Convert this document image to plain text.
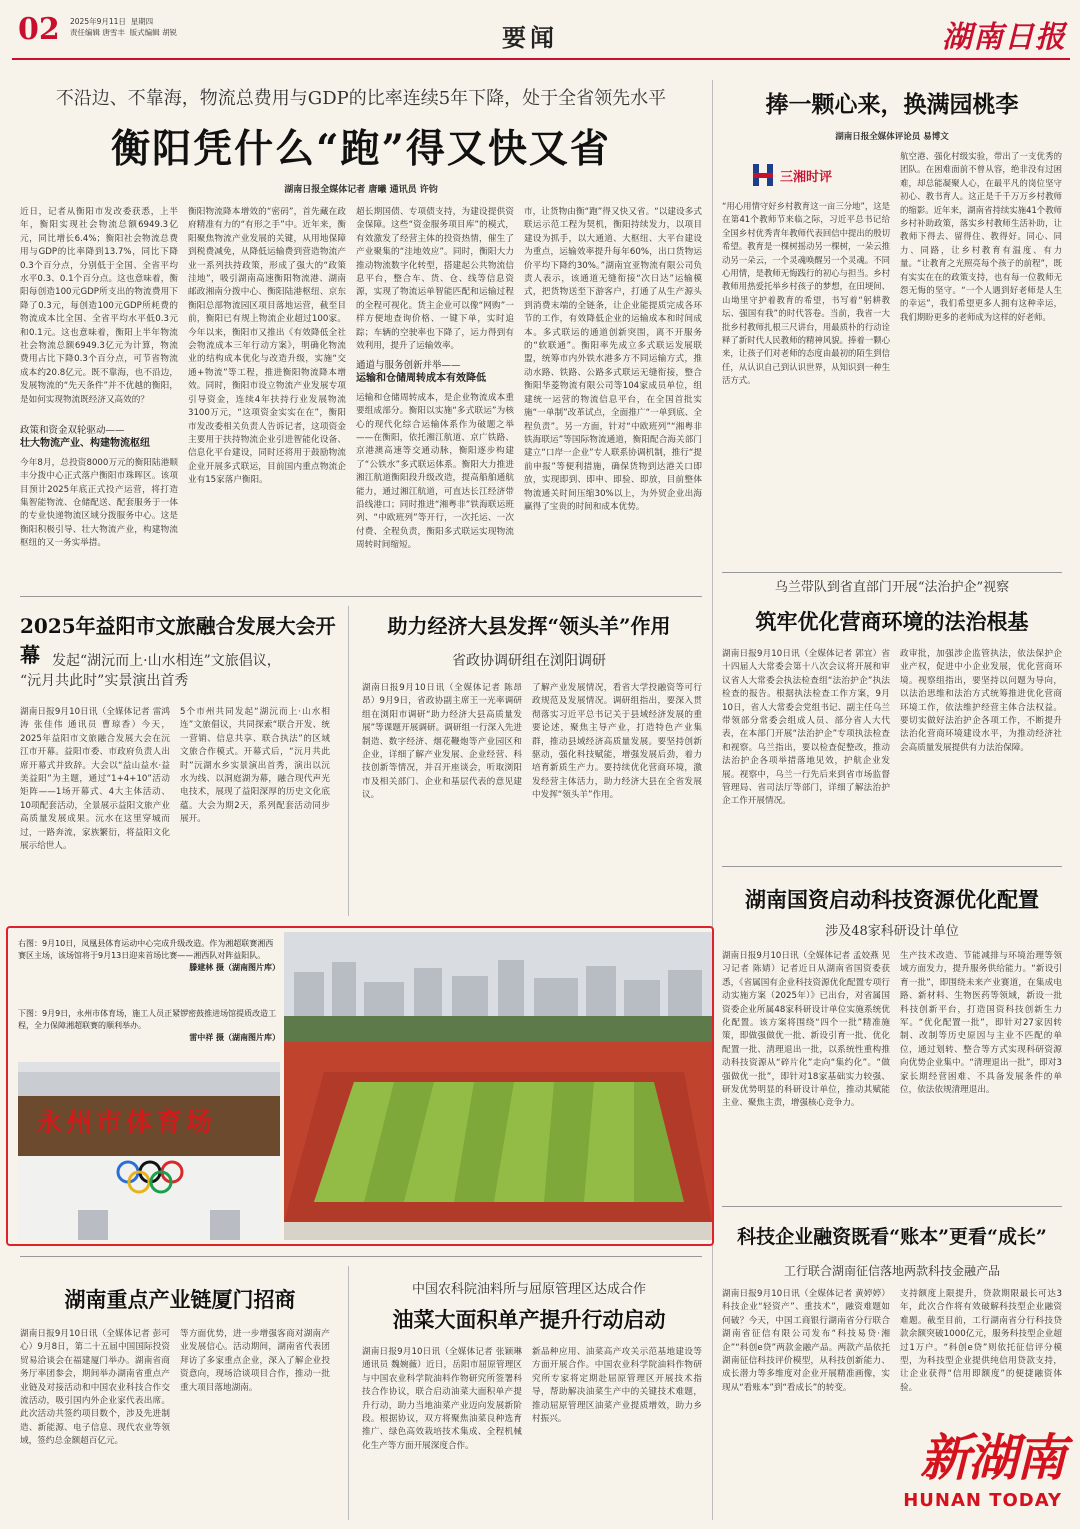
02 2025年9月11日 星期四
责任编辑 唐雪丰 版式编辑 胡锐	要闻	湖南日报
不沿边、不靠海，物流总费用与GDP的比率连续5年下降，处于全省领先水平
衡阳凭什么“跑”得又快又省
湖南日报全媒体记者 唐曦 通讯员 许钧

近日，记者从衡阳市发改委获悉，上半年，衡阳实现社会物流总额6949.3亿元，同比增长6.4%；衡阳社会物流总费用与GDP的比率降到13.7%，同比下降0.3个百分点，分别低于全国、全省平均水平0.3、0.1个百分点。这也意味着，衡阳每创造100元GDP所支出的物流费用下降了0.3元，每创造100元GDP所耗费的物流成本比全国、全省平均水平低0.3元和0.1元。这也意味着，衡阳上半年物流社会物流总额6949.3亿元为计算，物流费用占比下降0.3个百分点，可节省物流成本约20.8亿元。既不靠海，也不沿边，发展物流的“先天条件”并不优越的衡阳，是如何实现物流既经济又高效的？

政策和资金双轮驱动——

壮大物流产业、构建物流枢纽

今年8月，总投资8000万元的衡阳陆港顺丰分拨中心正式落户衡阳市珠晖区。该项目预计2025年底正式投产运营，将打造集智能物流、仓储配送、配套服务于一体的专业快递物流区域分拨服务中心。这是衡阳积极引导、壮大物流产业，构建物流枢纽的又一务实举措。

衡阳物流降本增效的“密码”，首先藏在政府精准有力的“有形之手”中。近年来，衡阳聚焦物流产业发展的关键，从用地保障到税费减免，从降低运输费到营造物流产业一系列扶持政策，形成了强大的“政策洼地”，吸引湖南高速衡阳物流港、湖南邮政湘南分拨中心、衡阳陆港枢纽、京东衡阳总部物流园区项目落地运营，截至目前，衡阳已有规上物流企业超过100家。今年以来，衡阳市又推出《有效降低全社会物流成本三年行动方案》，明确化物流业的结构成本优化与改造升级，实施“交通+物流”等工程，推进衡阳物流降本增效。同时，衡阳市设立物流产业发展专项引导资金，连续4年扶持行业发展物流3100万元，“这项资金实实在在”，衡阳市发改委相关负责人告诉记者，这项资金主要用于扶持物流企业引进智能化设备、信息化平台建设，同时还将用于鼓励物流企业开展多式联运，目前国内重点物流企业有15家落户衡阳。

超长期国债、专项债支持，为建设提供资金保障。这些“资金服务项目库”的模式，有效激发了经营主体的投资热情，催生了产业聚集的“洼地效应”。同时，衡阳大力推动物流数字化转型，搭建起公共物流信息平台，整合车、货、仓、线等信息资源，实现了物流运单智能匹配和运输过程的全程可视化。货主企业可以像“网购”一样方便地查询价格、一键下单，实时追踪；车辆的空驶率也下降了，运力得到有效利用，提升了运输效率。

通道与服务创新并举——

运输和仓储周转成本有效降低

运输和仓储周转成本，是企业物流成本重要组成部分。衡阳以实施“多式联运”为核心的现代化综合运输体系作为破题之举——在衡阳，依托湘江航道、京广铁路、京港澳高速等交通动脉，衡阳逐步构建了“公铁水”多式联运体系。衡阳大力推进湘江航道衡阳段升级改造，提高船舶通航能力，通过湘江航道，可直达长江经济带沿线港口；同时推进“湘粤非”铁海联运班列、“中欧班列”等开行，一次托运、一次付费、全程负责，衡阳多式联运实现物流周转时间缩短。

市，让货物由衡“跑”得又快又省。“以建设多式联运示范工程为契机，衡阳持续发力，以项目建设为抓手，以大通道、大枢纽、大平台建设为重点，运输效率提升每年60%，出口货物运价平均下降约30%。”湖南宜亚物流有限公司负责人表示，该通道无缝衔接“次日达”运输模式，把货物送至下游客户，打通了从生产源头到消费末端的全链条，让企业能提质完成各环节的工作，有效降低企业的运输成本和时间成本。多式联运的通道创新突围，离不开服务的“软联通”。衡阳率先成立多式联运发展联盟，统筹市内外铁水港多方不同运输方式，推动水路、铁路、公路多式联运无缝衔接，整合衡阳华菱物流有限公司等104家成员单位，组建统一运营的物流信息平台，在全国首批实施“一单制”改革试点，全面推广“一单到底、全程负责”。另一方面，针对“中欧班列”“湘粤非铁海联运”等国际物流通道，衡阳配合海关部门建立“口岸一企业”专人联系协调机制，推行“提前申报”等便利措施，确保货物到达港关口即放，实现即到、即申、即验、即放，目前整体物流通关时间压缩30%以上，为外贸企业出海赢得了宝贵的时间和成本优势。
捧一颗心来，换满园桃李
湖南日报全媒体评论员 易博文
三湘时评
“用心用情守好乡村教育这一亩三分地”，这是在第41个教师节来临之际，习近平总书记给全国乡村优秀青年教师代表回信中提出的殷切希望。教育是一棵树摇动另一棵树，一朵云推动另一朵云，一个灵魂唤醒另一个灵魂。不同心用情，是教师无悔践行的初心与担当。乡村教师用热爱托举乡村孩子的梦想，在田埂间、山坳里守护着教育的希望，书写着“躬耕教坛、强国有我”的时代答卷。当前，我省一大批乡村教师扎根三尺讲台，用最质朴的行动诠释了新时代人民教师的精神风貌。捧着一颗心来，让孩子们对老师的态度由最初的陌生到信任，从认识自己到认识世界，从知识到一种生活方式。
航空港、强化村级实验，带出了一支优秀的团队。在困难面前不曾从容，绝非没有过困难，却总能凝聚人心，在最平凡的岗位坚守初心、教书育人。这正是千千万万乡村教师的缩影。近年来，湖南省持续实施41个教师乡村补助政策，落实乡村教师生活补助，让教师下得去、留得住、教得好。同心、同力、同路，让乡村教育有温度、有力量。“让教育之光照亮每个孩子的前程”，既有实实在在的政策支持，也有每一位教师无怨无悔的坚守。“一个人遇到好老师是人生的幸运”，我们希望更多人拥有这种幸运，我们期盼更多的老师成为这样的好老师。
乌兰带队到省直部门开展“法治护企”视察
筑牢优化营商环境的法治根基
湖南日报9月10日讯（全媒体记者 郭宜）省十四届人大常委会第十八次会议将开展和审议省人大常委会执法检查组“法治护企”执法检查的报告。根据执法检查工作方案，9月10日，省人大常委会党组书记、副主任乌兰带领部分常委会组成人员、部分省人大代表，在本部门开展“法治护企”专项执法检查和视察。乌兰指出，要以检查促整改，推动法治护企各项举措落地见效，护航企业发展。视察中，乌兰一行先后来到省市场监督管理局、省司法厅等部门，详细了解法治护企工作开展情况。
政审批，加强涉企监管执法，依法保护企业产权，促进中小企业发展，优化营商环境。视察组指出，要坚持以问题为导向，以法治思维和法治方式统筹推进优化营商环境工作，依法维护经营主体合法权益。要切实做好法治护企各项工作，不断提升法治化营商环境建设水平，为推动经济社会高质量发展提供有力法治保障。
2025年益阳市文旅融合发展大会开幕 发起“湖沅而上·山水相连”文旅倡议，
“沅月共此时”实景演出首秀
湖南日报9月10日讯（全媒体记者 雷鸿涛 张佳伟 通讯员 曹琼香）今天，2025年益阳市文旅融合发展大会在沅江市开幕。益阳市委、市政府负责人出席开幕式并致辞。大会以“益山益水·益美益阳”为主题，通过“1+4+10”活动矩阵——1场开幕式、4大主体活动、10项配套活动，全景展示益阳文旅产业高质量发展成果。沅水在这里穿城而过，一路奔流，家族繁衍，将益阳文化展示给世人。
5个市州共同发起“湖沅而上·山水相连”文旅倡议，共同探索“联合开发、统一营销、信息共享、联合执法”的区域文旅合作模式。开幕式后，“沅月共此时”沅湖水乡实景演出首秀，演出以沅水为线、以洞庭湖为幕，融合现代声光电技术，展现了益阳深厚的历史文化底蕴。大会为期2天，系列配套活动同步展开。
助力经济大县发挥“领头羊”作用
省政协调研组在浏阳调研
湖南日报9月10日讯（全媒体记者 陈昂昂）9月9日，省政协副主席王一光率调研组在浏阳市调研“助力经济大县高质量发展”等课题开展调研。调研组一行深入先进制造、数字经济、烟花鞭炮等产业园区和企业，详细了解产业发展、企业经营、科技创新等情况，并召开座谈会，听取浏阳市及相关部门、企业和基层代表的意见建议。
了解产业发展情况，看省大学投融资等可行政规范及发展情况。调研组指出，要深入贯彻落实习近平总书记关于县域经济发展的重要论述，聚焦主导产业，打造特色产业集群，推动县域经济高质量发展。要坚持创新驱动，强化科技赋能，增强发展后劲，着力培育新质生产力。要持续优化营商环境，激发经营主体活力，助力经济大县在全省发展中发挥“领头羊”作用。
右图：9月10日，凤凰县体育运动中心完成升级改造。作为湘超联赛湘西赛区主场，该场馆将于9月13日迎来首场比赛——湘西队对阵益阳队。

滕建林 摄（湖南图片库）
下图：9月9日，永州市体育场，施工人员正紧锣密鼓推进场馆提质改造工程，全力保障湘超联赛的顺利举办。

雷中祥 摄（湖南图片库）
永州市体育场
湖南国资启动科技资源优化配置
涉及48家科研设计单位
湖南日报9月10日讯（全媒体记者 孟姣燕 见习记者 陈婧）记者近日从湖南省国资委获悉，《省属国有企业科技资源优化配置专项行动实施方案（2025年）》已出台，对省属国资委企业所属48家科研设计单位实施系统优化配置。该方案将围绕“四个一批”精准施策，即做强做优一批、新设引育一批、优化配置一批、清理退出一批，以系统性重构推动科技资源从“碎片化”走向“集约化”。“做强做优一批”，即针对18家基础实力较强、研发优势明显的科研设计单位，推动其赋能主业、聚焦主责，增强核心竞争力。
生产技术改造、节能减排与环境治理等领域方面发力，提升服务供给能力。“新设引育一批”，即围绕未来产业赛道，在集成电路、新材料、生物医药等领域，新设一批科技创新平台，打造国资科技创新生力军。“优化配置一批”，即针对27家因转制、改制等历史原因与主业不匹配的单位，通过划转、整合等方式实现科研资源向优势企业集中。“清理退出一批”，即对3家长期经营困难、不具备发展条件的单位，依法依规清理退出。
科技企业融资既看“账本”更看“成长”
工行联合湖南征信落地两款科技金融产品
湖南日报9月10日讯（全媒体记者 黄婷婷）科技企业“轻资产”、重技术”，融资难题如何破？今天，中国工商银行湖南省分行联合湖南省征信有限公司发布“科技易贷·湘企”“科创e贷”两款金融产品。两款产品依托湖南征信科技评价模型，从科技创新能力、成长潜力等多维度对企业开展精准画像，实现从“看账本”到“看成长”的转变。
支持额度上限提升，贷款期限最长可达3年，此次合作将有效破解科技型企业融资难题。截至目前，工行湖南省分行科技贷款余额突破1000亿元，服务科技型企业超过1万户。“科创e贷”则依托征信评分模型，为科技型企业提供纯信用贷款支持，让企业获得“信用即额度”的便捷融资体验。
湖南重点产业链厦门招商
湖南日报9月10日讯（全媒体记者 彭可心）9月8日，第二十五届中国国际投资贸易洽谈会在福建厦门举办。湖南省商务厅率团参会，期间举办湖南省重点产业链及对接活动和中国农业科技合作交流活动，吸引国内外企业家代表出席。此次活动共签约项目数个，涉及先进制造、新能源、电子信息、现代农业等领域，签约总金额超百亿元。
等方面优势，进一步增强客商对湖南产业发展信心。活动期间，湖南省代表团拜访了多家重点企业，深入了解企业投资意向，现场洽谈项目合作，推动一批重大项目落地湖南。
中国农科院油料所与屈原管理区达成合作
油菜大面积单产提升行动启动
湖南日报9月10日讯（全媒体记者 张颖琳 通讯员 魏婉薇）近日，岳阳市屈原管理区与中国农业科学院油料作物研究所签署科技合作协议，联合启动油菜大面积单产提升行动，助力当地油菜产业迈向发展新阶段。根据协议，双方将聚焦油菜良种选育推广、绿色高效栽培技术集成、全程机械化生产等方面开展深度合作。
新品种应用、油菜高产攻关示范基地建设等方面开展合作。中国农业科学院油料作物研究所专家将定期赴屈原管理区开展技术指导，帮助解决油菜生产中的关键技术难题，推动屈原管理区油菜产业提质增效，助力乡村振兴。
新湖南
HUNAN TODAY
